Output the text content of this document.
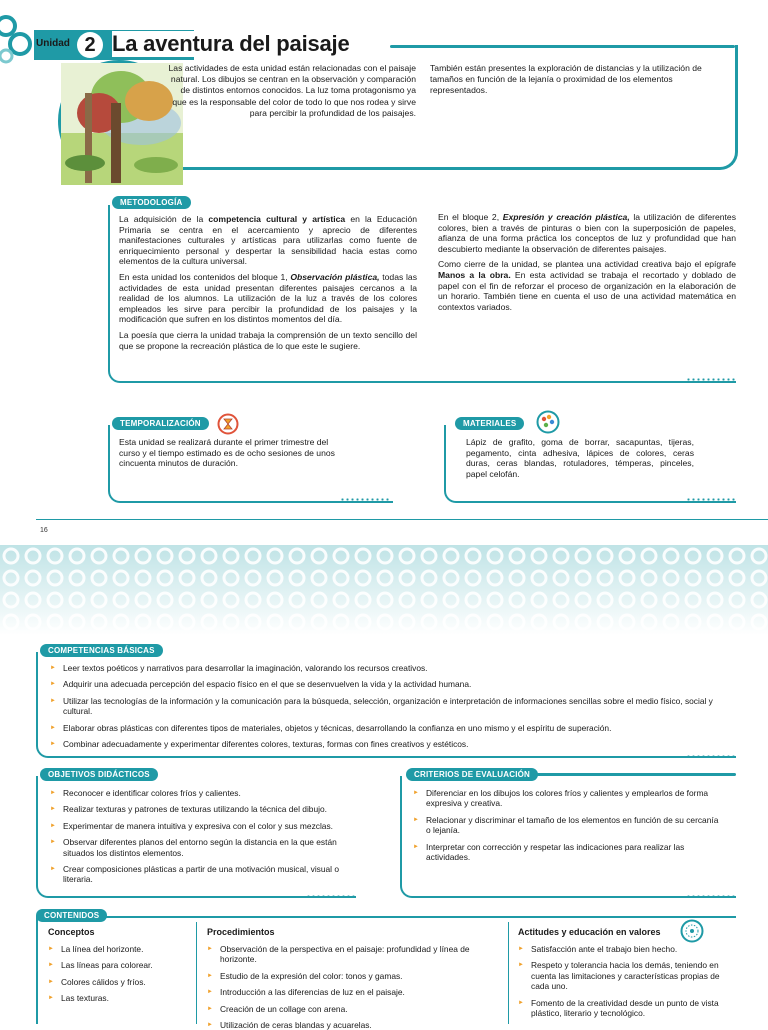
Unidad 2 La aventura del paisaje
Las actividades de esta unidad están relacionadas con el paisaje natural. Los dibujos se centran en la observación y comparación de distintos entornos conocidos. La luz toma protagonismo ya que es la responsable del color de todo lo que nos rodea y sirve para percibir la profundidad de los paisajes.
También están presentes la exploración de distancias y la utilización de tamaños en función de la lejanía o proximidad de los elementos representados.
METODOLOGÍA

La adquisición de la competencia cultural y artística en la Educación Primaria se centra en el acercamiento y aprecio de diferentes manifestaciones culturales y artísticas para utilizarlas como fuente de enriquecimiento personal y despertar la sensibilidad hacia estas como elementos de la cultura universal.

En esta unidad los contenidos del bloque 1, Observación plástica, todas las actividades de esta unidad presentan diferentes paisajes cercanos a la realidad de los alumnos. La utilización de la luz a través de los colores empleados les sirve para percibir la profundidad de los paisajes y la modificación que sufren en los distintos momentos del día.

La poesía que cierra la unidad trabaja la comprensión de un texto sencillo del que se propone la recreación plástica de lo que este le sugiere.

En el bloque 2, Expresión y creación plástica, la utilización de diferentes colores, bien a través de pinturas o bien con la superposición de papeles, afianza de una forma práctica los conceptos de luz y profundidad que han descubierto mediante la observación de diferentes paisajes.

Como cierre de la unidad, se plantea una actividad creativa bajo el epígrafe Manos a la obra. En esta actividad se trabaja el recortado y doblado de papel con el fin de reforzar el proceso de organización en la elaboración de un horario. También tiene en cuenta el uso de una actividad matemática en contextos variados.

TEMPORALIZACIÓN
Esta unidad se realizará durante el primer trimestre del curso y el tiempo estimado es de ocho sesiones de unos cincuenta minutos de duración.
MATERIALES
Lápiz de grafito, goma de borrar, sacapuntas, tijeras, pegamento, cinta adhesiva, lápices de colores, ceras duras, ceras blandas, rotuladores, témperas, pinceles, papel celofán.
16
COMPETENCIAS BÁSICAS
► Leer textos poéticos y narrativos para desarrollar la imaginación, valorando los recursos creativos.
► Adquirir una adecuada percepción del espacio físico en el que se desenvuelven la vida y la actividad humana.
► Utilizar las tecnologías de la información y la comunicación para la búsqueda, selección, organización e interpretación de informaciones sencillas sobre el medio físico, social y cultural.
► Elaborar obras plásticas con diferentes tipos de materiales, objetos y técnicas, desarrollando la confianza en uno mismo y el espíritu de superación.
► Combinar adecuadamente y experimentar diferentes colores, texturas, formas con fines creativos y estéticos.
OBJETIVOS DIDÁCTICOS
► Reconocer e identificar colores fríos y calientes.
► Realizar texturas y patrones de texturas utilizando la técnica del dibujo.
► Experimentar de manera intuitiva y expresiva con el color y sus mezclas.
► Observar diferentes planos del entorno según la distancia en la que están situados los distintos elementos.
► Crear composiciones plásticas a partir de una motivación musical, visual o literaria.
CRITERIOS DE EVALUACIÓN
► Diferenciar en los dibujos los colores fríos y calientes y emplearlos de forma expresiva y creativa.
► Relacionar y discriminar el tamaño de los elementos en función de su cercanía o lejanía.
► Interpretar con corrección y respetar las indicaciones para realizar las actividades.
CONTENIDOS
Conceptos
► La línea del horizonte.
► Las líneas para colorear.
► Colores cálidos y fríos.
► Las texturas.
Procedimientos
► Observación de la perspectiva en el paisaje: profundidad y línea de horizonte.
► Estudio de la expresión del color: tonos y gamas.
► Introducción a las diferencias de luz en el paisaje.
► Creación de un collage con arena.
► Utilización de ceras blandas y acuarelas.
Actitudes y educación en valores
► Satisfacción ante el trabajo bien hecho.
► Respeto y tolerancia hacia los demás, teniendo en cuenta las limitaciones y características propias de cada uno.
► Fomento de la creatividad desde un punto de vista plástico, literario y tecnológico.
